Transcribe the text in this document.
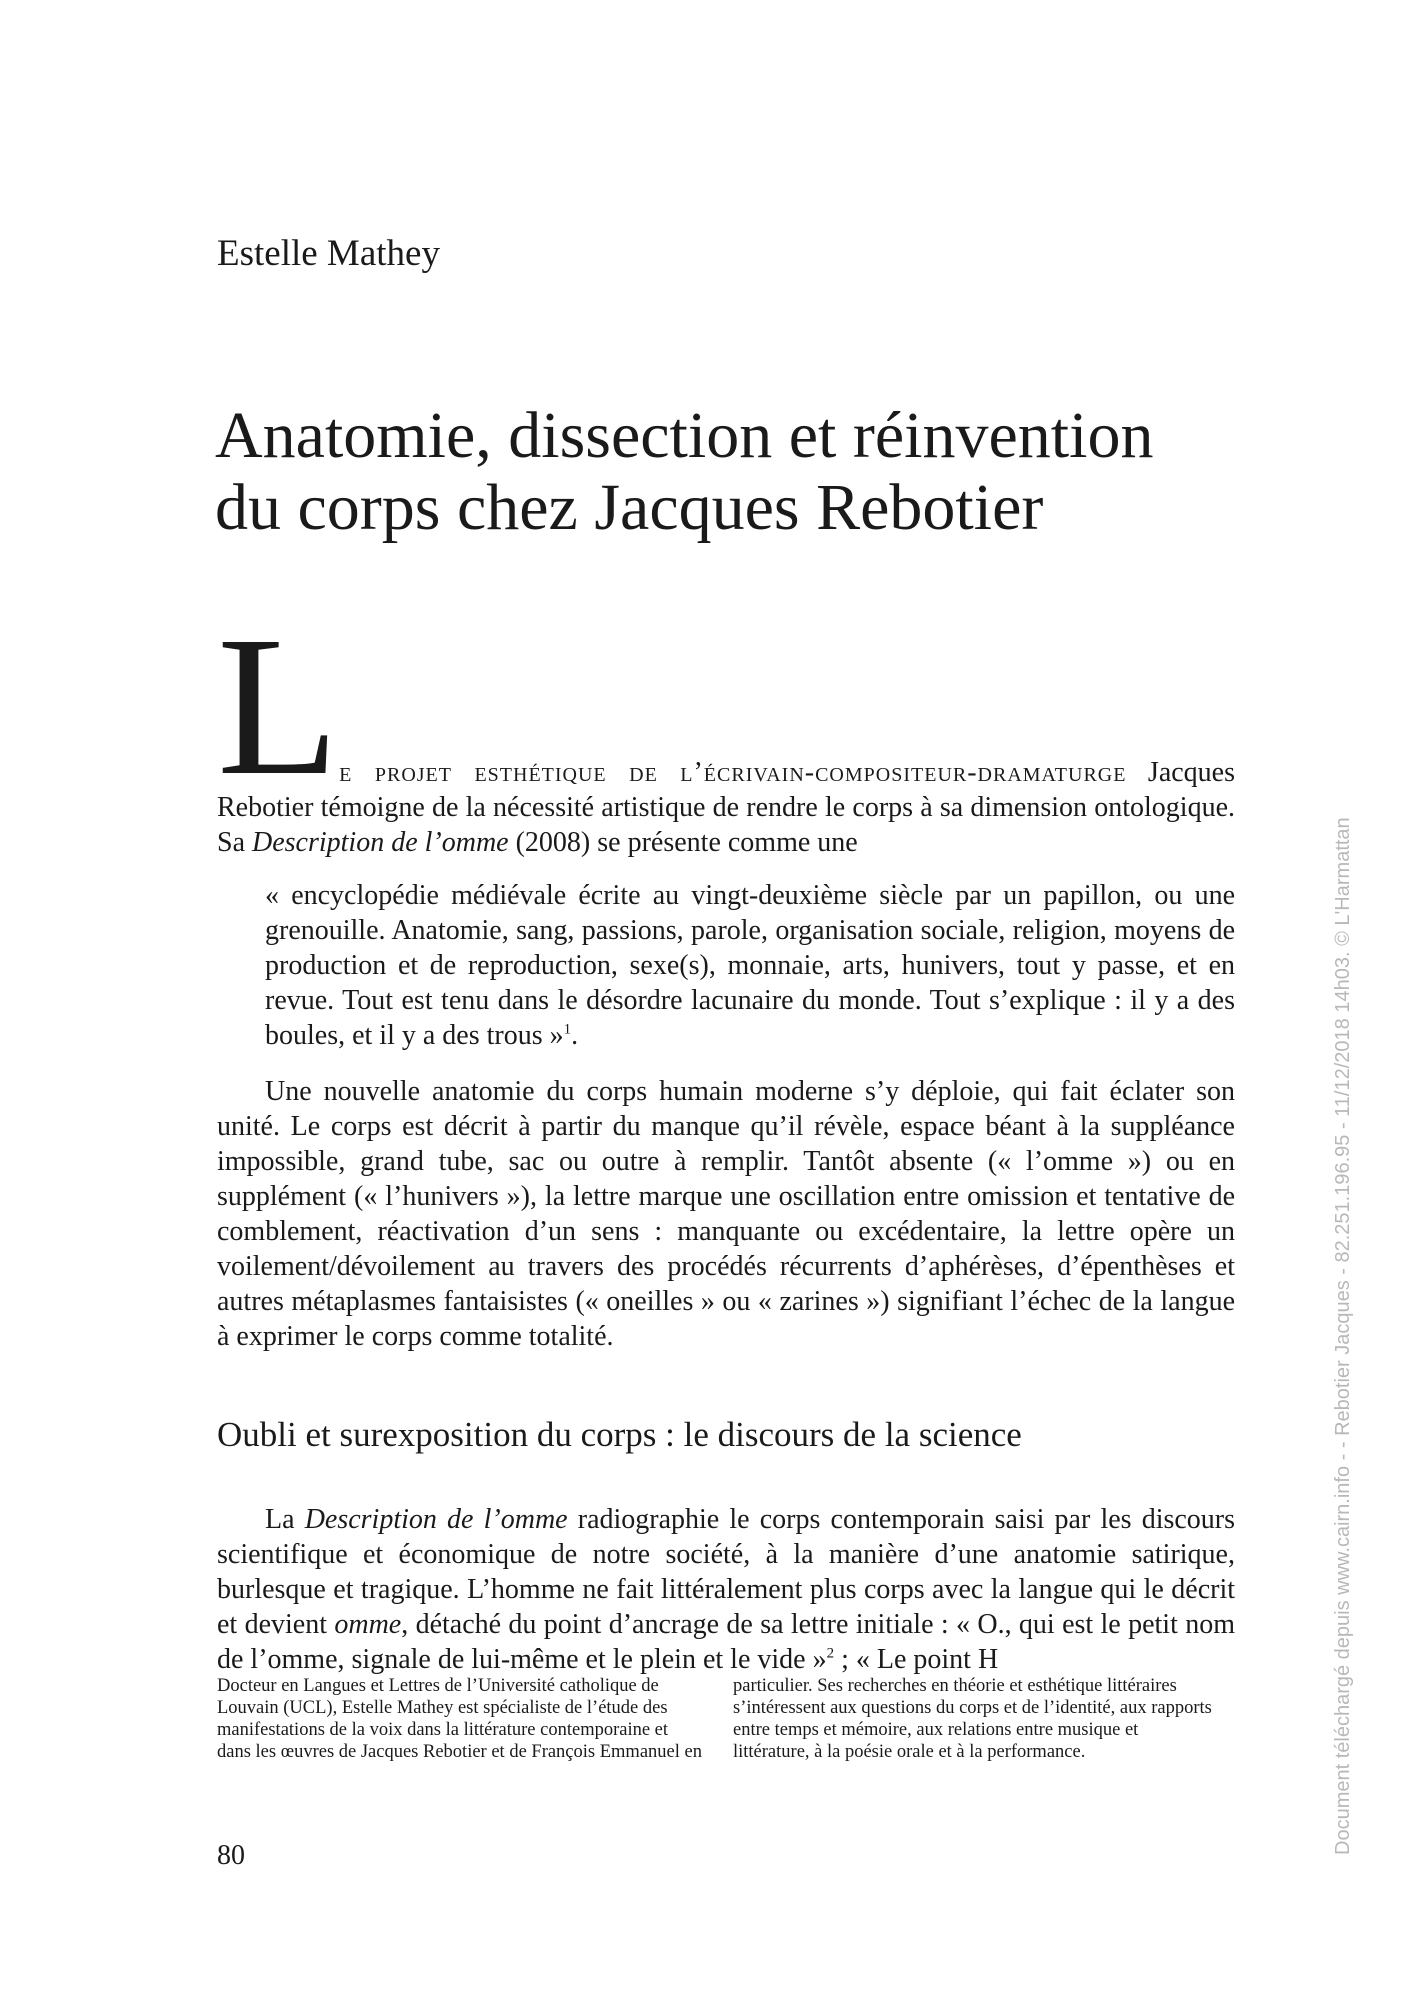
Estelle Mathey
Anatomie, dissection et réinvention
du corps chez Jacques Rebotier
Le projet esthétique de l’écrivain-compositeur-dramaturge Jacques Rebotier témoigne de la nécessité artistique de rendre le corps à sa dimension ontologique. Sa Description de l’omme (2008) se présente comme une
« encyclopédie médiévale écrite au vingt-deuxième siècle par un papillon, ou une grenouille. Anatomie, sang, passions, parole, organisation sociale, religion, moyens de production et de reproduction, sexe(s), monnaie, arts, hunivers, tout y passe, et en revue. Tout est tenu dans le désordre lacunaire du monde. Tout s’explique : il y a des boules, et il y a des trous »$^1$.
Une nouvelle anatomie du corps humain moderne s’y déploie, qui fait éclater son unité. Le corps est décrit à partir du manque qu’il révèle, espace béant à la suppléance impossible, grand tube, sac ou outre à remplir. Tantôt absente (« l’omme ») ou en supplément (« l’hunivers »), la lettre marque une oscillation entre omission et tentative de comblement, réactivation d’un sens : manquante ou excédentaire, la lettre opère un voilement/dévoilement au travers des procédés récurrents d’aphérèses, d’épenthèses et autres métaplasmes fantaisistes (« oneilles » ou « zarines ») signifiant l’échec de la langue à exprimer le corps comme totalité.
Oubli et surexposition du corps : le discours de la science
La Description de l’omme radiographie le corps contemporain saisi par les discours scientifique et économique de notre société, à la manière d’une anatomie satirique, burlesque et tragique. L’homme ne fait littéralement plus corps avec la langue qui le décrit et devient omme, détaché du point d’ancrage de sa lettre initiale : « O., qui est le petit nom de l’omme, signale de lui-même et le plein et le vide »$^2$ ; « Le point H
Docteur en Langues et Lettres de l’Université catholique de Louvain (UCL), Estelle Mathey est spécialiste de l’étude des manifestations de la voix dans la littérature contemporaine et dans les œuvres de Jacques Rebotier et de François Emmanuel en
particulier. Ses recherches en théorie et esthétique littéraires s’intéressent aux questions du corps et de l’identité, aux rapports entre temps et mémoire, aux relations entre musique et littérature, à la poésie orale et à la performance.
80
Document téléchargé depuis www.cairn.info - - Rebotier Jacques - 82.251.196.95 - 11/12/2018 14h03. © L'Harmattan
